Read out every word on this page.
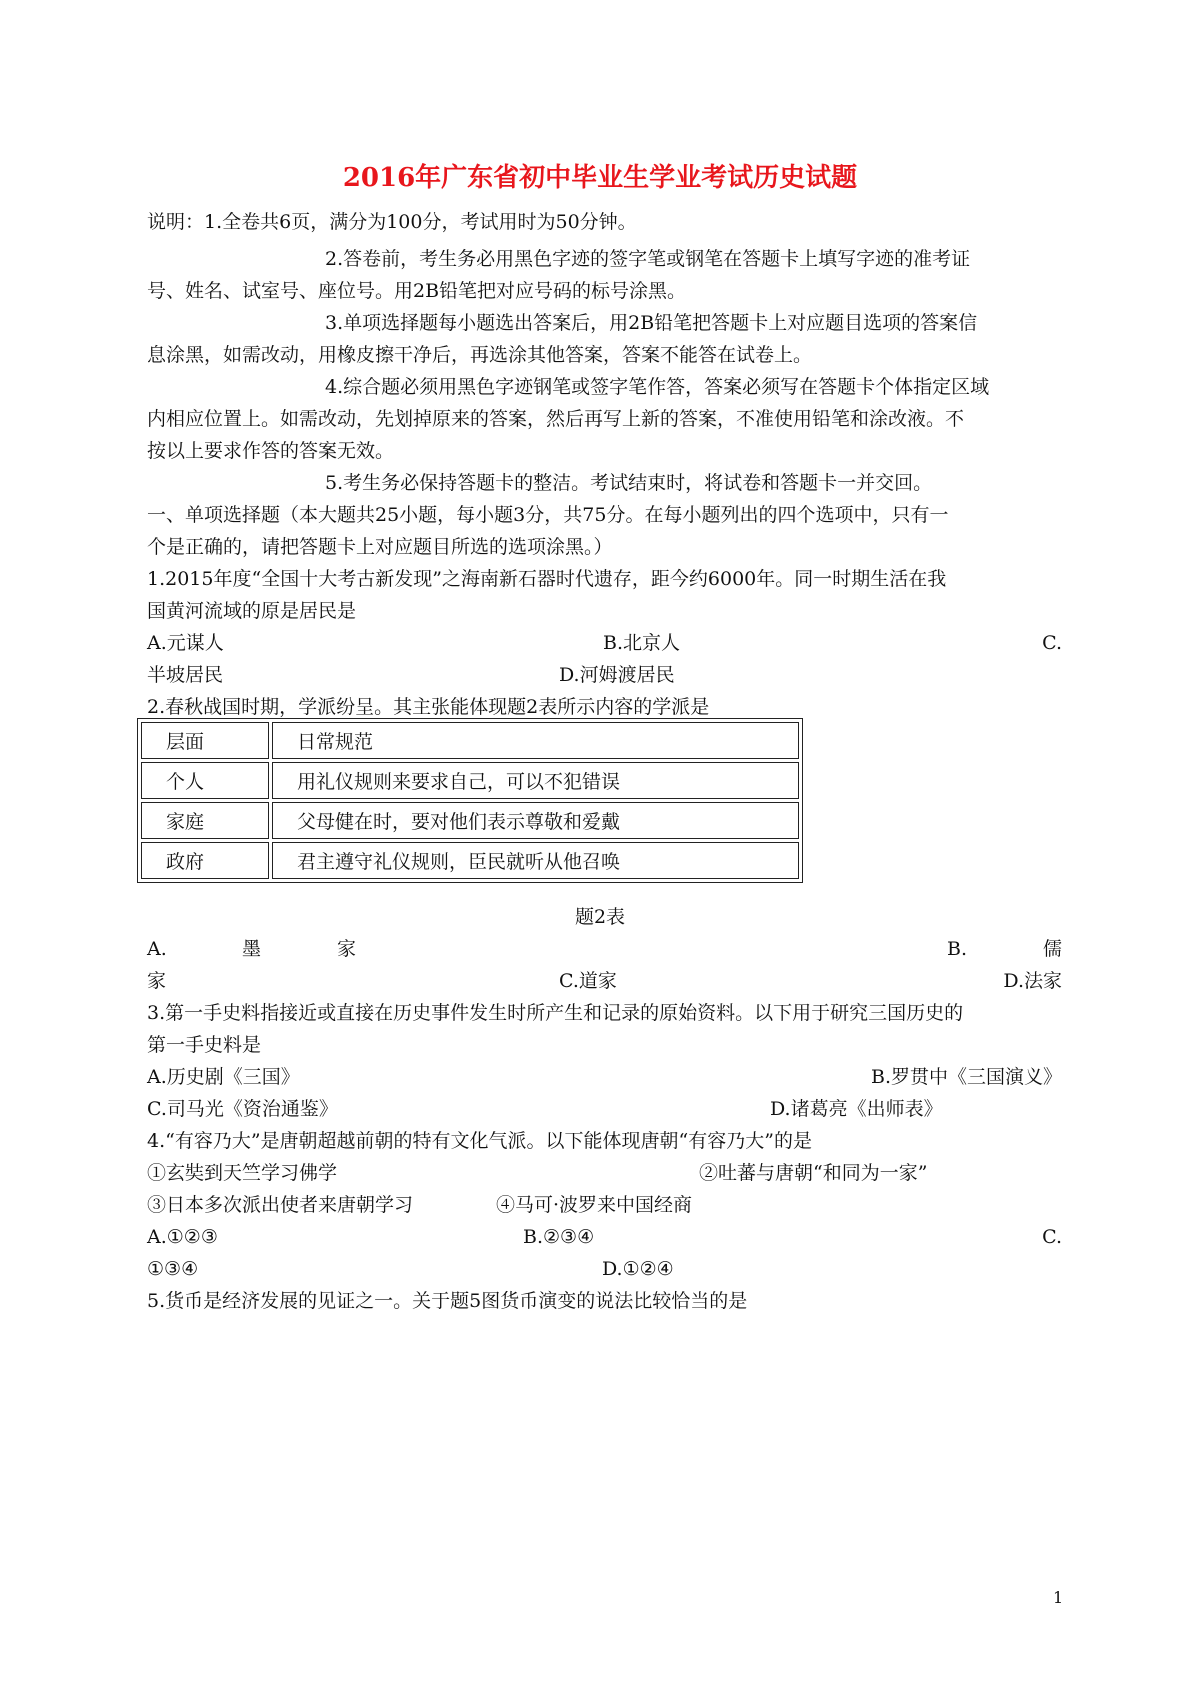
2016年广东省初中毕业生学业考试历史试题
说明：1.全卷共6页，满分为100分，考试用时为50分钟。
2.答卷前，考生务必用黑色字迹的签字笔或钢笔在答题卡上填写字迹的准考证
号、姓名、试室号、座位号。用2B铅笔把对应号码的标号涂黑。
3.单项选择题每小题选出答案后，用2B铅笔把答题卡上对应题目选项的答案信
息涂黑，如需改动，用橡皮擦干净后，再选涂其他答案，答案不能答在试卷上。
4.综合题必须用黑色字迹钢笔或签字笔作答，答案必须写在答题卡个体指定区域
内相应位置上。如需改动，先划掉原来的答案，然后再写上新的答案，不准使用铅笔和涂改液。不
按以上要求作答的答案无效。
5.考生务必保持答题卡的整洁。考试结束时，将试卷和答题卡一并交回。
一、单项选择题（本大题共25小题，每小题3分，共75分。在每小题列出的四个选项中，只有一
个是正确的，请把答题卡上对应题目所选的选项涂黑。）
1.2015年度“全国十大考古新发现”之海南新石器时代遗存，距今约6000年。同一时期生活在我
国黄河流域的原是居民是
A.元谋人	B.北京人	C.
半坡居民	D.河姆渡居民
2.春秋战国时期，学派纷呈。其主张能体现题2表所示内容的学派是
层面	日常规范
个人	用礼仪规则来要求自己，可以不犯错误
家庭	父母健在时，要对他们表示尊敬和爱戴
政府	君主遵守礼仪规则，臣民就听从他召唤
题2表
A.	墨	家	B.	儒
家	C.道家	D.法家
3.第一手史料指接近或直接在历史事件发生时所产生和记录的原始资料。以下用于研究三国历史的
第一手史料是
A.历史剧《三国》	B.罗贯中《三国演义》
C.司马光《资治通鉴》	D.诸葛亮《出师表》
4.“有容乃大”是唐朝超越前朝的特有文化气派。以下能体现唐朝“有容乃大”的是
①玄奘到天竺学习佛学	②吐蕃与唐朝“和同为一家”
③日本多次派出使者来唐朝学习	④马可·波罗来中国经商
A.①②③	B.②③④	C.
①③④	D.①②④
5.货币是经济发展的见证之一。关于题5图货币演变的说法比较恰当的是
1
